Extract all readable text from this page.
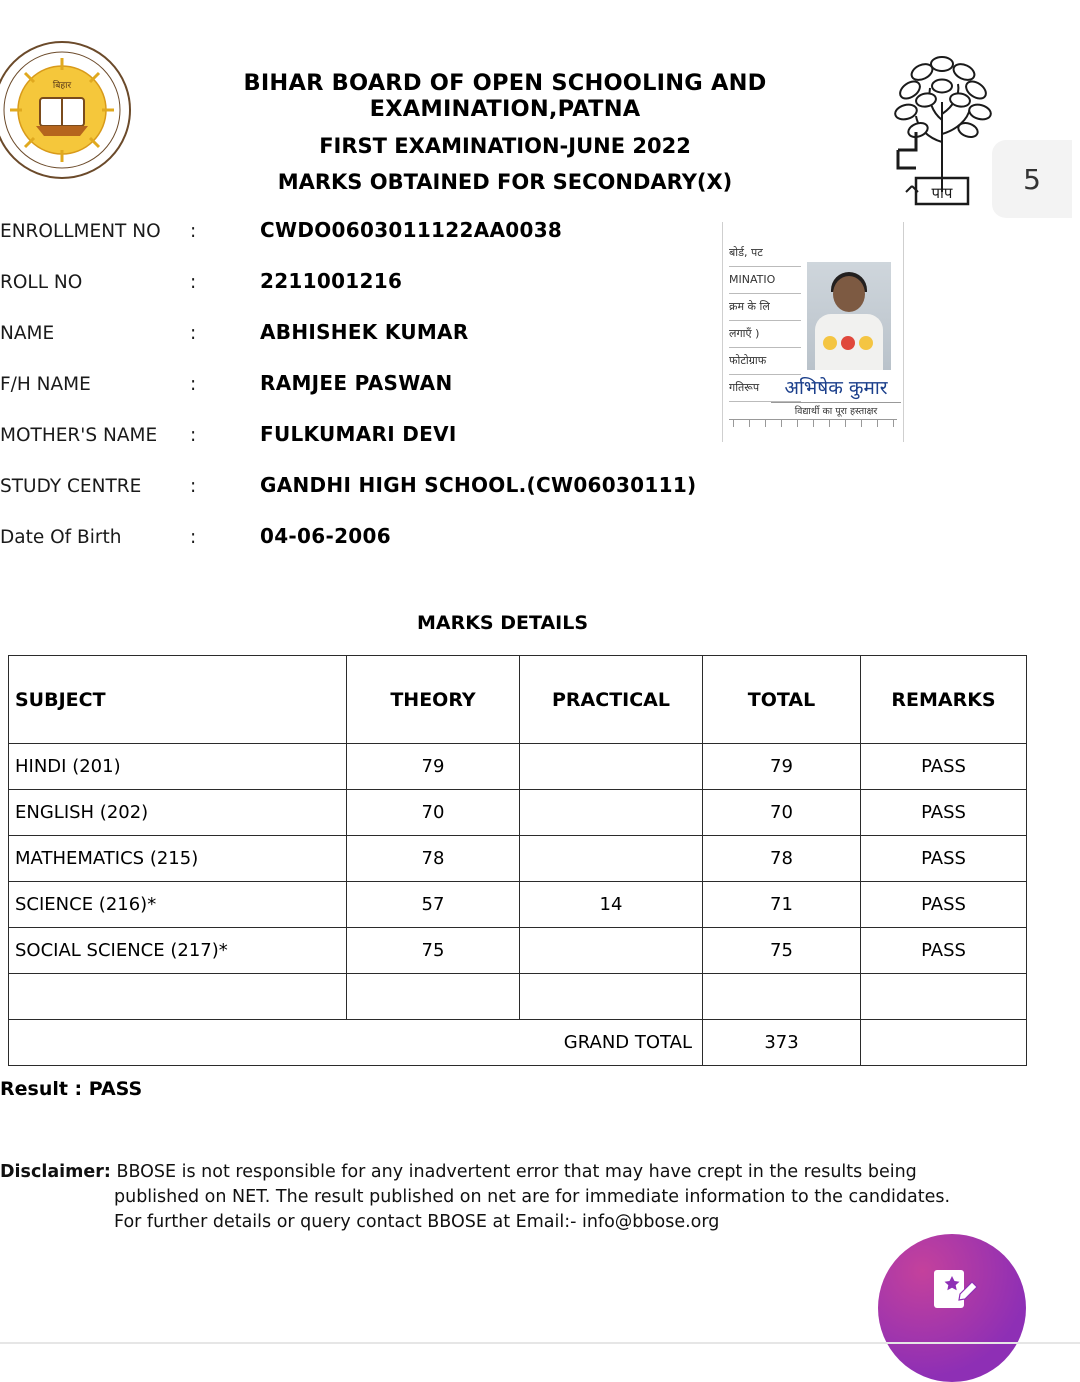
बिहार	BIHAR BOARD OF OPEN SCHOOLING AND EXAMINATION,PATNA
FIRST EXAMINATION-JUNE 2022
MARKS OBTAINED FOR SECONDARY(X)	पाप	5
ENROLLMENT NO	:	CWDO0603011122AA0038
ROLL NO	:	2211001216
NAME	:	ABHISHEK KUMAR
F/H NAME	:	RAMJEE PASWAN
MOTHER'S NAME	:	FULKUMARI DEVI
STUDY CENTRE	:	GANDHI HIGH SCHOOL.(CW06030111)
Date Of Birth	:	04-06-2006
बोर्ड, पट
MINATIO
क्रम के लि
लगाएँ )
फोटोग्राफ
गतिरूप	अभिषेक कुमार
विद्यार्थी का पूरा हस्ताक्षर
MARKS DETAILS
SUBJECT	THEORY	PRACTICAL	TOTAL	REMARKS
HINDI (201)	79		79	PASS
ENGLISH (202)	70		70	PASS
MATHEMATICS (215)	78		78	PASS
SCIENCE (216)*	57	14	71	PASS
SOCIAL SCIENCE (217)*	75		75	PASS

GRAND TOTAL			373	
Result : PASS
Disclaimer: BBOSE is not responsible for any inadvertent error that may have crept in the results being
published on NET. The result published on net are for immediate information to the candidates.
For further details or query contact BBOSE at Email:- info@bbose.org
